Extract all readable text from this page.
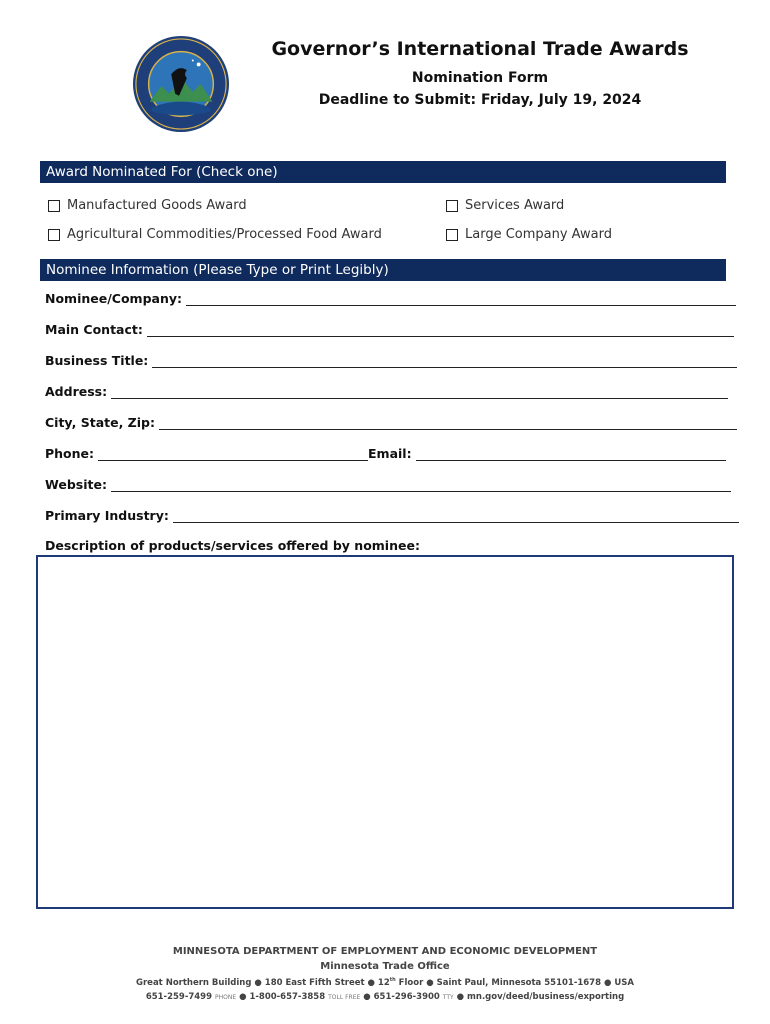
Governor’s International Trade Awards
Nomination Form
Deadline to Submit: Friday, July 19, 2024
Award Nominated For (Check one)
Manufactured Goods Award	Services Award
Agricultural Commodities/Processed Food Award	Large Company Award
Nominee Information (Please Type or Print Legibly)
Nominee/Company:
Main Contact:
Business Title:
Address:
City, State, Zip:
Phone:	Email:
Website:
Primary Industry:
Description of products/services offered by nominee:
MINNESOTA DEPARTMENT OF EMPLOYMENT AND ECONOMIC DEVELOPMENT
Minnesota Trade Office
Great Northern Building ● 180 East Fifth Street ● 12th Floor ● Saint Paul, Minnesota 55101-1678 ● USA
651-259-7499 PHONE ● 1-800-657-3858 TOLL FREE ● 651-296-3900 TTY ● mn.gov/deed/business/exporting
